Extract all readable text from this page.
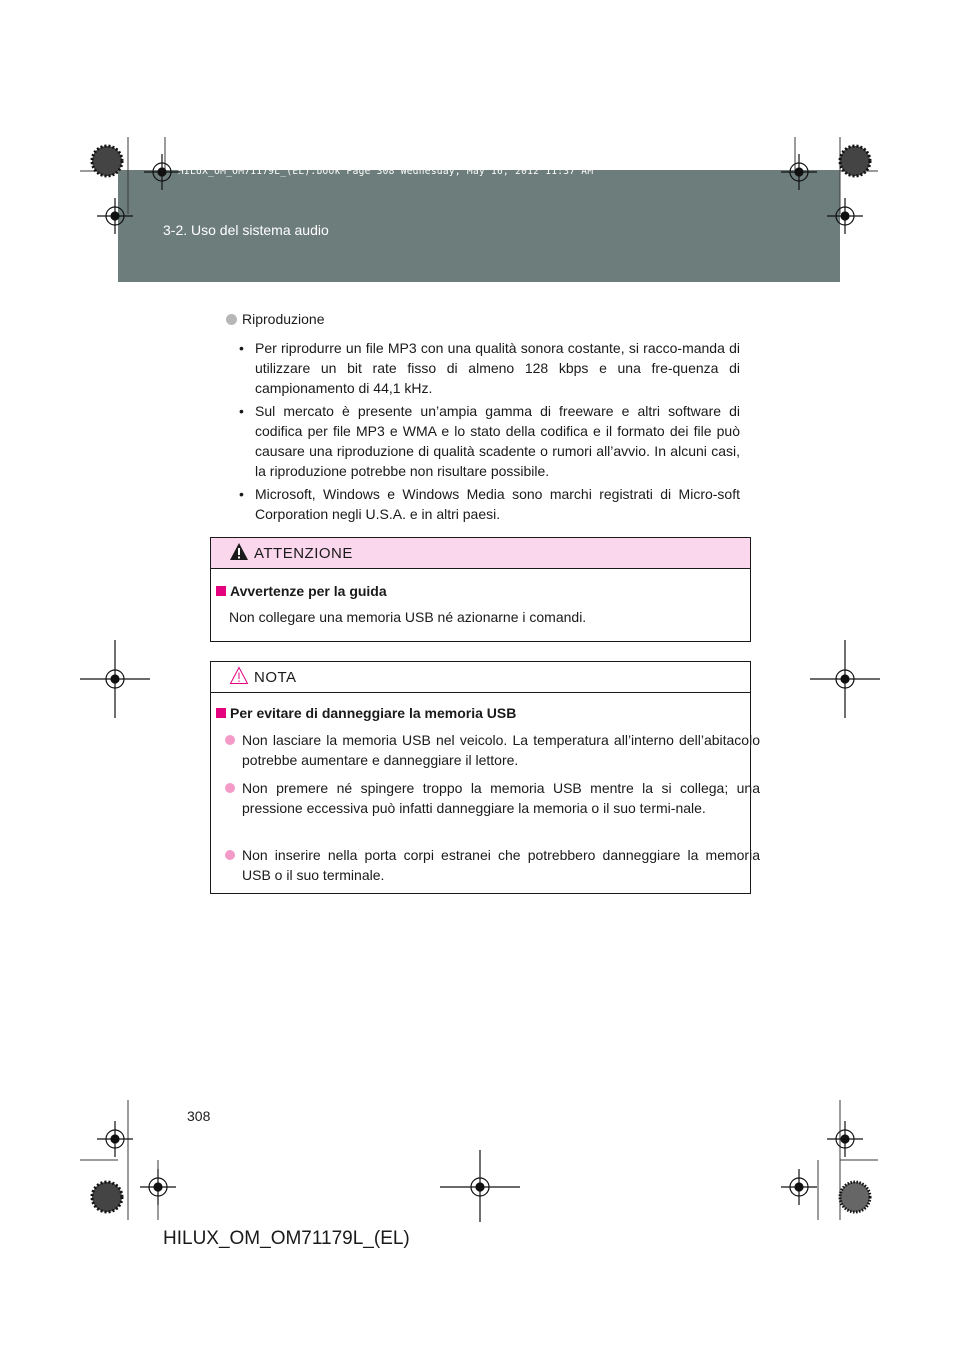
HILUX_OM_OM71179L_(EL).book Page 308 Wednesday, May 16, 2012 11:37 AM
3-2. Uso del sistema audio
Riproduzione
• Per riprodurre un file MP3 con una qualità sonora costante, si racco-manda di utilizzare un bit rate fisso di almeno 128 kbps e una fre-quenza di campionamento di 44,1 kHz.
• Sul mercato è presente un’ampia gamma di freeware e altri software di codifica per file MP3 e WMA e lo stato della codifica e il formato dei file può causare una riproduzione di qualità scadente o rumori all’avvio. In alcuni casi, la riproduzione potrebbe non risultare possibile.
• Microsoft, Windows e Windows Media sono marchi registrati di Micro-soft Corporation negli U.S.A. e in altri paesi.
ATTENZIONE
Avvertenze per la guida
Non collegare una memoria USB né azionarne i comandi.
NOTA
Per evitare di danneggiare la memoria USB
Non lasciare la memoria USB nel veicolo. La temperatura all’interno dell’abitacolo potrebbe aumentare e danneggiare il lettore.
Non premere né spingere troppo la memoria USB mentre la si collega; una pressione eccessiva può infatti danneggiare la memoria o il suo termi-nale.
Non inserire nella porta corpi estranei che potrebbero danneggiare la memoria USB o il suo terminale.
308
HILUX_OM_OM71179L_(EL)
